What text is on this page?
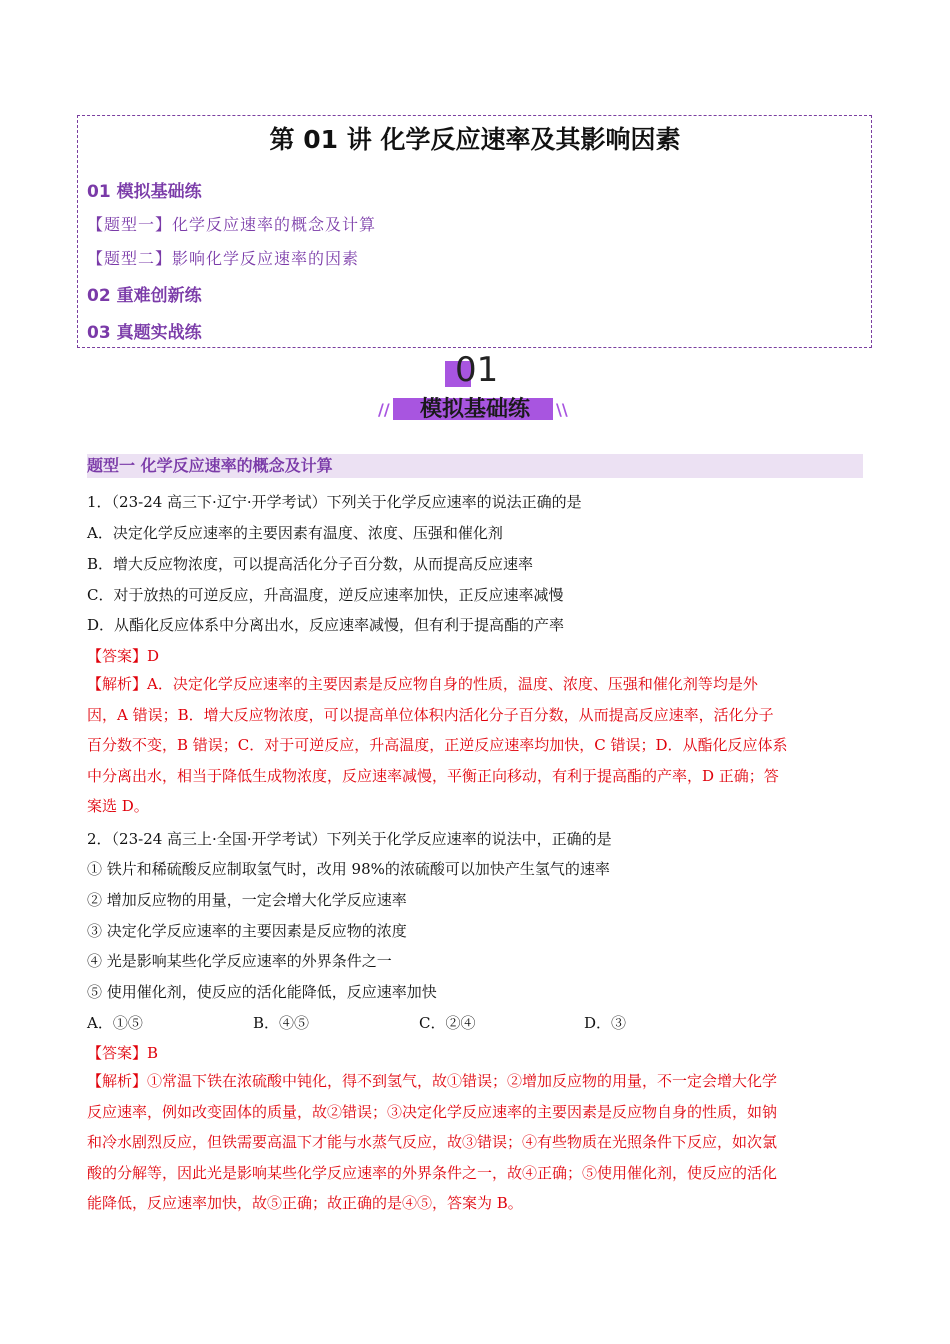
第 01 讲 化学反应速率及其影响因素
01 模拟基础练
【题型一】化学反应速率的概念及计算
【题型二】影响化学反应速率的因素
02 重难创新练
03 真题实战练
01
模拟基础练
//	\\
题型一 化学反应速率的概念及计算
1．（23-24 高三下·辽宁·开学考试）下列关于化学反应速率的说法正确的是
A．决定化学反应速率的主要因素有温度、浓度、压强和催化剂
B．增大反应物浓度，可以提高活化分子百分数，从而提高反应速率
C．对于放热的可逆反应，升高温度，逆反应速率加快，正反应速率减慢
D．从酯化反应体系中分离出水，反应速率减慢，但有利于提高酯的产率
【答案】D
【解析】A．决定化学反应速率的主要因素是反应物自身的性质，温度、浓度、压强和催化剂等均是外
因，A 错误；B．增大反应物浓度，可以提高单位体积内活化分子百分数，从而提高反应速率，活化分子
百分数不变，B 错误；C．对于可逆反应，升高温度，正逆反应速率均加快，C 错误；D．从酯化反应体系
中分离出水，相当于降低生成物浓度，反应速率减慢，平衡正向移动，有利于提高酯的产率，D 正确；答
案选 D。
2．（23-24 高三上·全国·开学考试）下列关于化学反应速率的说法中，正确的是
① 铁片和稀硫酸反应制取氢气时，改用 98%的浓硫酸可以加快产生氢气的速率
② 增加反应物的用量，一定会增大化学反应速率
③ 决定化学反应速率的主要因素是反应物的浓度
④ 光是影响某些化学反应速率的外界条件之一
⑤ 使用催化剂，使反应的活化能降低，反应速率加快
A．①⑤	B．④⑤	C．②④	D．③
【答案】B
【解析】①常温下铁在浓硫酸中钝化，得不到氢气，故①错误；②增加反应物的用量，不一定会增大化学
反应速率，例如改变固体的质量，故②错误；③决定化学反应速率的主要因素是反应物自身的性质，如钠
和冷水剧烈反应，但铁需要高温下才能与水蒸气反应，故③错误；④有些物质在光照条件下反应，如次氯
酸的分解等，因此光是影响某些化学反应速率的外界条件之一，故④正确；⑤使用催化剂，使反应的活化
能降低，反应速率加快，故⑤正确；故正确的是④⑤，答案为 B。
